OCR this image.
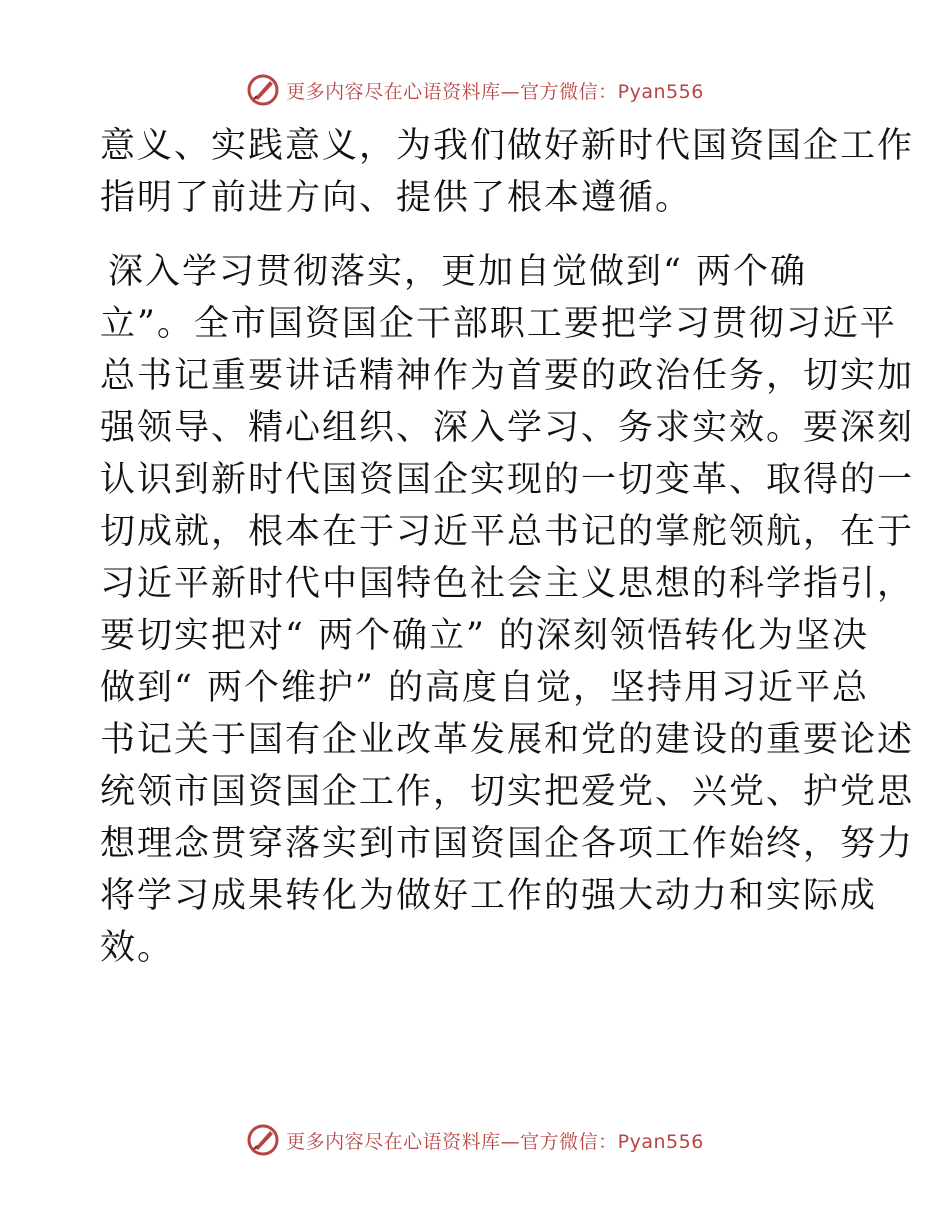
更多内容尽在心语资料库—官方微信：Pyan556
意义、实践意义，为我们做好新时代国资国企工作
指明了前进方向、提供了根本遵循。
深入学习贯彻落实，更加自觉做到“ 两个确
立”。全市国资国企干部职工要把学习贯彻习近平
总书记重要讲话精神作为首要的政治任务，切实加
强领导、精心组织、深入学习、务求实效。要深刻
认识到新时代国资国企实现的一切变革、取得的一
切成就，根本在于习近平总书记的掌舵领航，在于
习近平新时代中国特色社会主义思想的科学指引，
要切实把对“ 两个确立” 的深刻领悟转化为坚决
做到“ 两个维护” 的高度自觉，坚持用习近平总
书记关于国有企业改革发展和党的建设的重要论述
统领市国资国企工作，切实把爱党、兴党、护党思
想理念贯穿落实到市国资国企各项工作始终，努力
将学习成果转化为做好工作的强大动力和实际成
效。
更多内容尽在心语资料库—官方微信：Pyan556
